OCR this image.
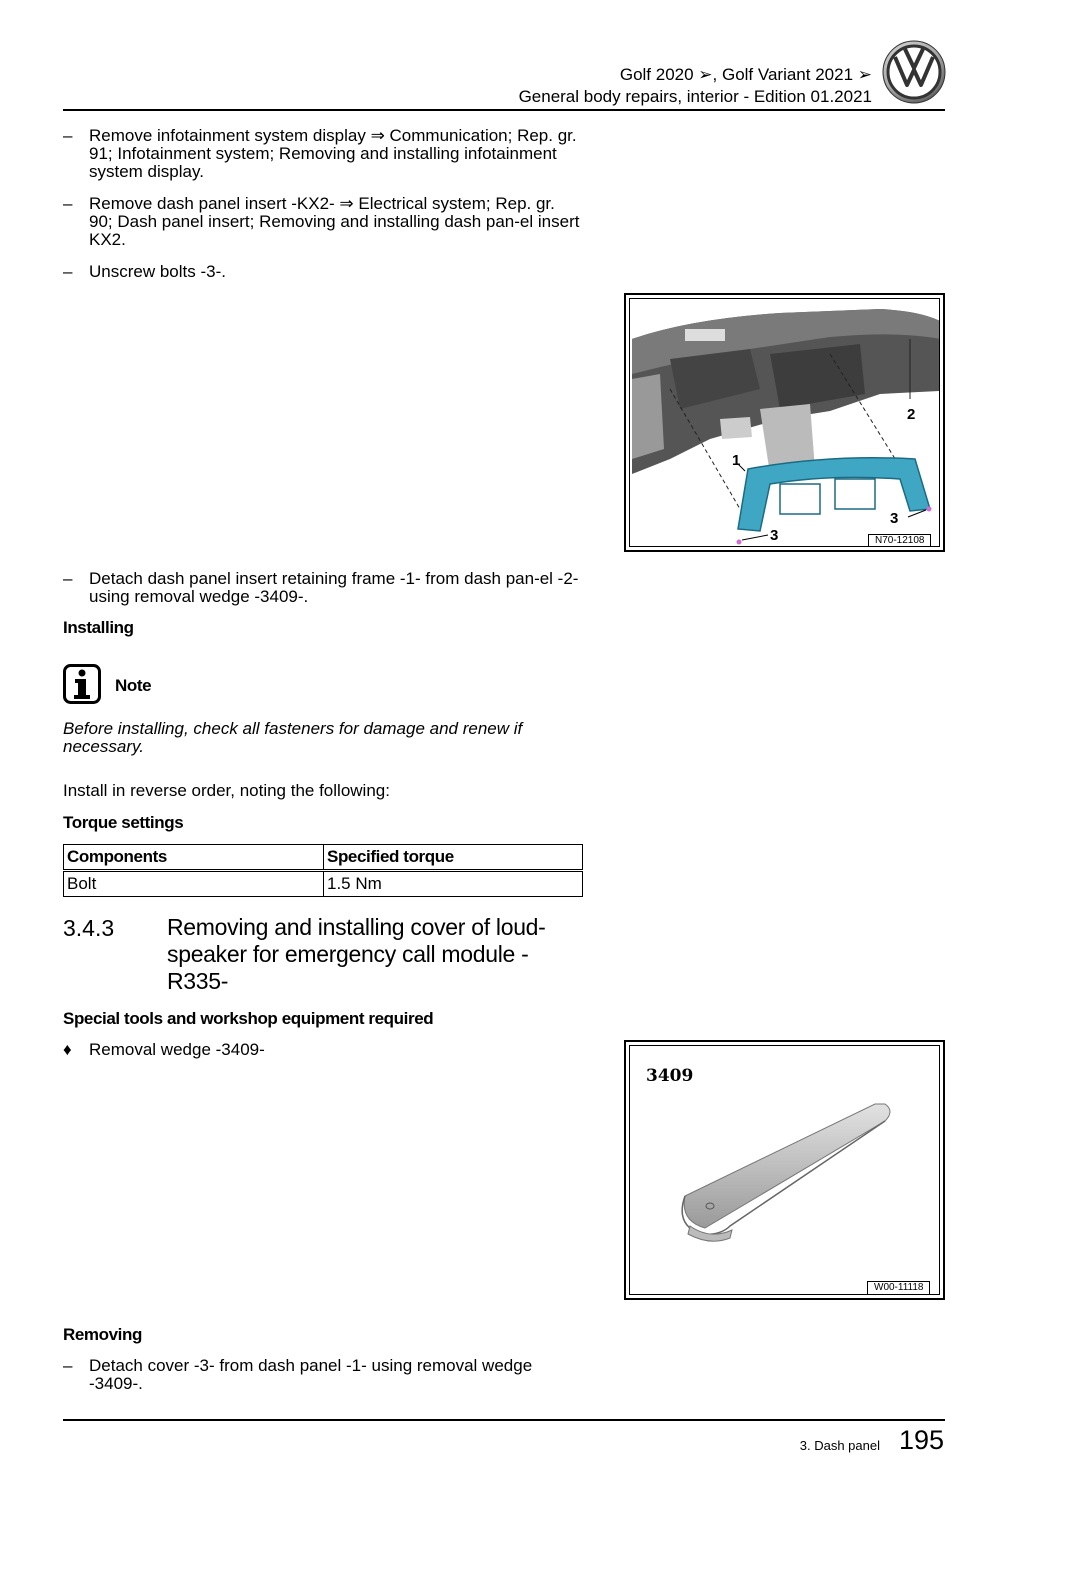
Golf 2020 ➢, Golf Variant 2021 ➢
General body repairs, interior - Edition 01.2021
– Remove infotainment system display ⇒ Communication; Rep. gr. 91; Infotainment system; Removing and installing infotainment system display.
– Remove dash panel insert -KX2- ⇒ Electrical system; Rep. gr. 90; Dash panel insert; Removing and installing dash pan-el insert KX2.
– Unscrew bolts -3-.
1
2
3
3
N70-12108
– Detach dash panel insert retaining frame -1- from dash pan-el -2- using removal wedge -3409-.
Installing
Note
Before installing, check all fasteners for damage and renew if necessary.
Install in reverse order, noting the following:
Torque settings
Components	Specified torque
Bolt	1.5 Nm
3.4.3 Removing and installing cover of loud-speaker for emergency call module -R335-
Special tools and workshop equipment required
♦ Removal wedge -3409-
3409
W00-11118
Removing
– Detach cover -3- from dash panel -1- using removal wedge -3409-.
3. Dash panel 195
